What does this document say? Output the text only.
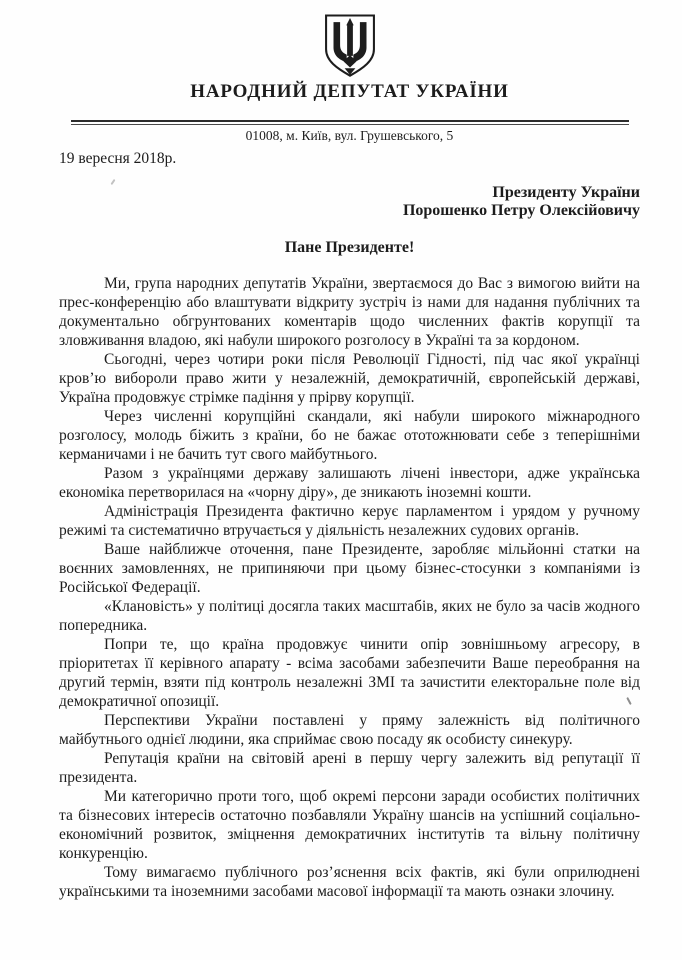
НАРОДНИЙ ДЕПУТАТ УКРАЇНИ
01008, м. Київ, вул. Грушевського, 5
19 вересня 2018р.
Президенту України
Порошенко Петру Олексійовичу
Пане Президенте!

Ми, група народних депутатів України, звертаємося до Вас з вимогою вийти на прес-конференцію або влаштувати відкриту зустріч із нами для надання публічних та документально обгрунтованих коментарів щодо численних фактів корупції та зловживання владою, які набули широкого розголосу в Україні та за кордоном.

Сьогодні, через чотири роки після Революції Гідності, під час якої українці кров’ю вибороли право жити у незалежній, демократичній, європейській державі, Україна продовжує стрімке падіння у прірву корупції.

Через численні корупційні скандали, які набули широкого міжнародного розголосу, молодь біжить з країни, бо не бажає ототожнювати себе з теперішніми керманичами і не бачить тут свого майбутнього.

Разом з українцями державу залишають лічені інвестори, адже українська економіка перетворилася на «чорну діру», де зникають іноземні кошти.

Адміністрація Президента фактично керує парламентом і урядом у ручному режимі та систематично втручається у діяльність незалежних судових органів.

Ваше найближче оточення, пане Президенте, заробляє мільйонні статки на воєнних замовленнях, не припиняючи при цьому бізнес-стосунки з компаніями із Російської Федерації.

«Клановість» у політиці досягла таких масштабів, яких не було за часів жодного попередника.

Попри те, що країна продовжує чинити опір зовнішньому агресору, в пріоритетах її керівного апарату - всіма засобами забезпечити Ваше переобрання на другий термін, взяти під контроль незалежні ЗМІ та зачистити електоральне поле від демократичної опозиції.

Перспективи України поставлені у пряму залежність від політичного майбутнього однієї людини, яка сприймає свою посаду як особисту синекуру.

Репутація країни на світовій арені в першу чергу залежить від репутації її президента.

Ми категорично проти того, щоб окремі персони заради особистих політичних та бізнесових інтересів остаточно позбавляли Україну шансів на успішний соціально-економічний розвиток, зміцнення демократичних інститутів та вільну політичну конкуренцію.

Тому вимагаємо публічного роз’яснення всіх фактів, які були оприлюднені українськими та іноземними засобами масової інформації та мають ознаки злочину.
